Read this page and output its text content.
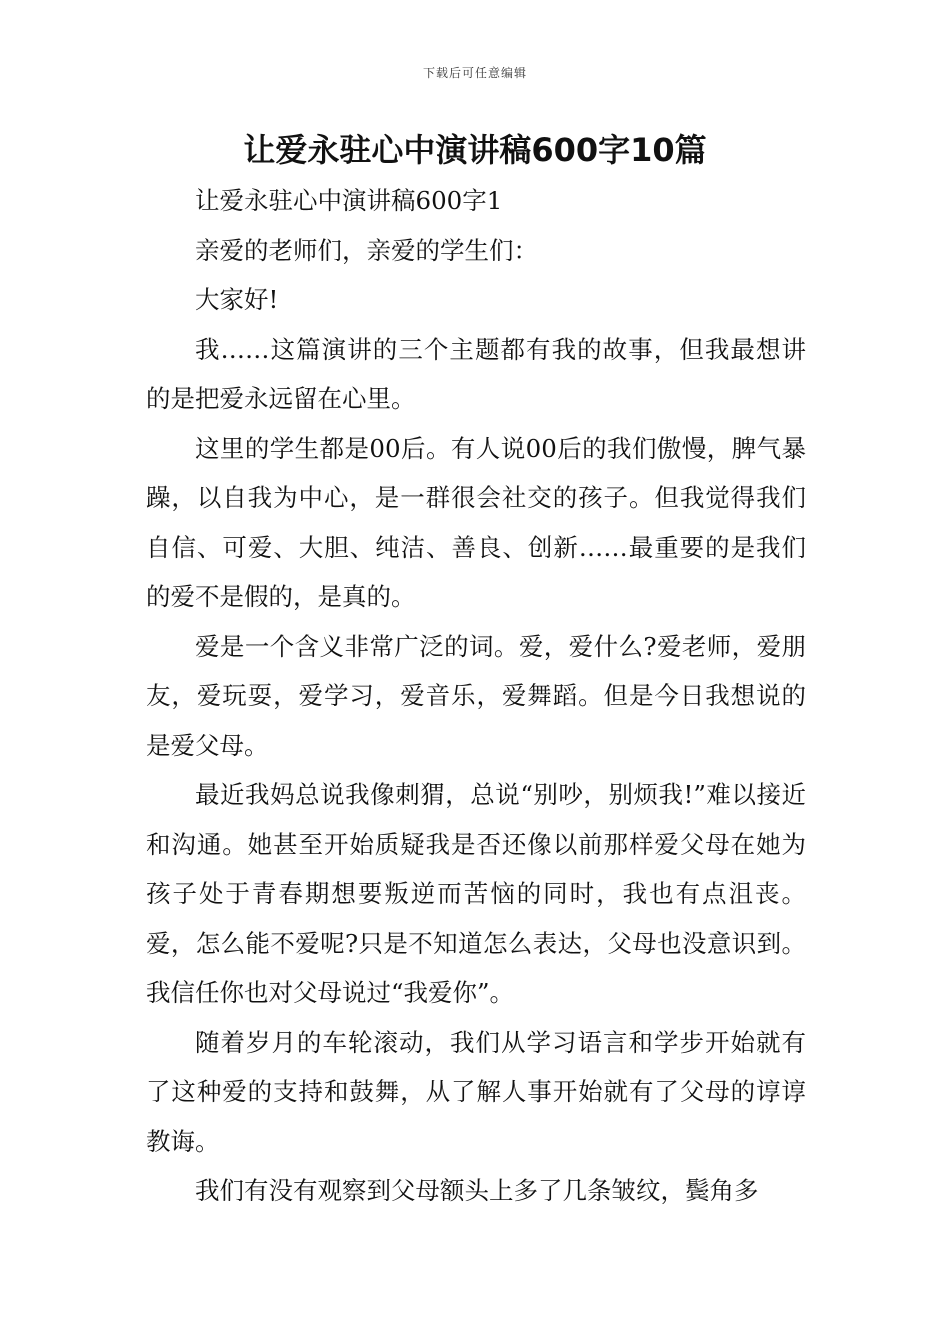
下载后可任意编辑
让爱永驻心中演讲稿600字10篇

让爱永驻心中演讲稿600字1

亲爱的老师们，亲爱的学生们：

大家好!

我……这篇演讲的三个主题都有我的故事，但我最想讲的是把爱永远留在心里。

这里的学生都是00后。有人说00后的我们傲慢，脾气暴躁，以自我为中心，是一群很会社交的孩子。但我觉得我们自信、可爱、大胆、纯洁、善良、创新……最重要的是我们的爱不是假的，是真的。

爱是一个含义非常广泛的词。爱，爱什么?爱老师，爱朋友，爱玩耍，爱学习，爱音乐，爱舞蹈。但是今日我想说的是爱父母。

最近我妈总说我像刺猬，总说“别吵，别烦我!”难以接近和沟通。她甚至开始质疑我是否还像以前那样爱父母在她为孩子处于青春期想要叛逆而苦恼的同时，我也有点沮丧。爱，怎么能不爱呢?只是不知道怎么表达，父母也没意识到。我信任你也对父母说过“我爱你”。

随着岁月的车轮滚动，我们从学习语言和学步开始就有了这种爱的支持和鼓舞，从了解人事开始就有了父母的谆谆教诲。

我们有没有观察到父母额头上多了几条皱纹，鬓角多
